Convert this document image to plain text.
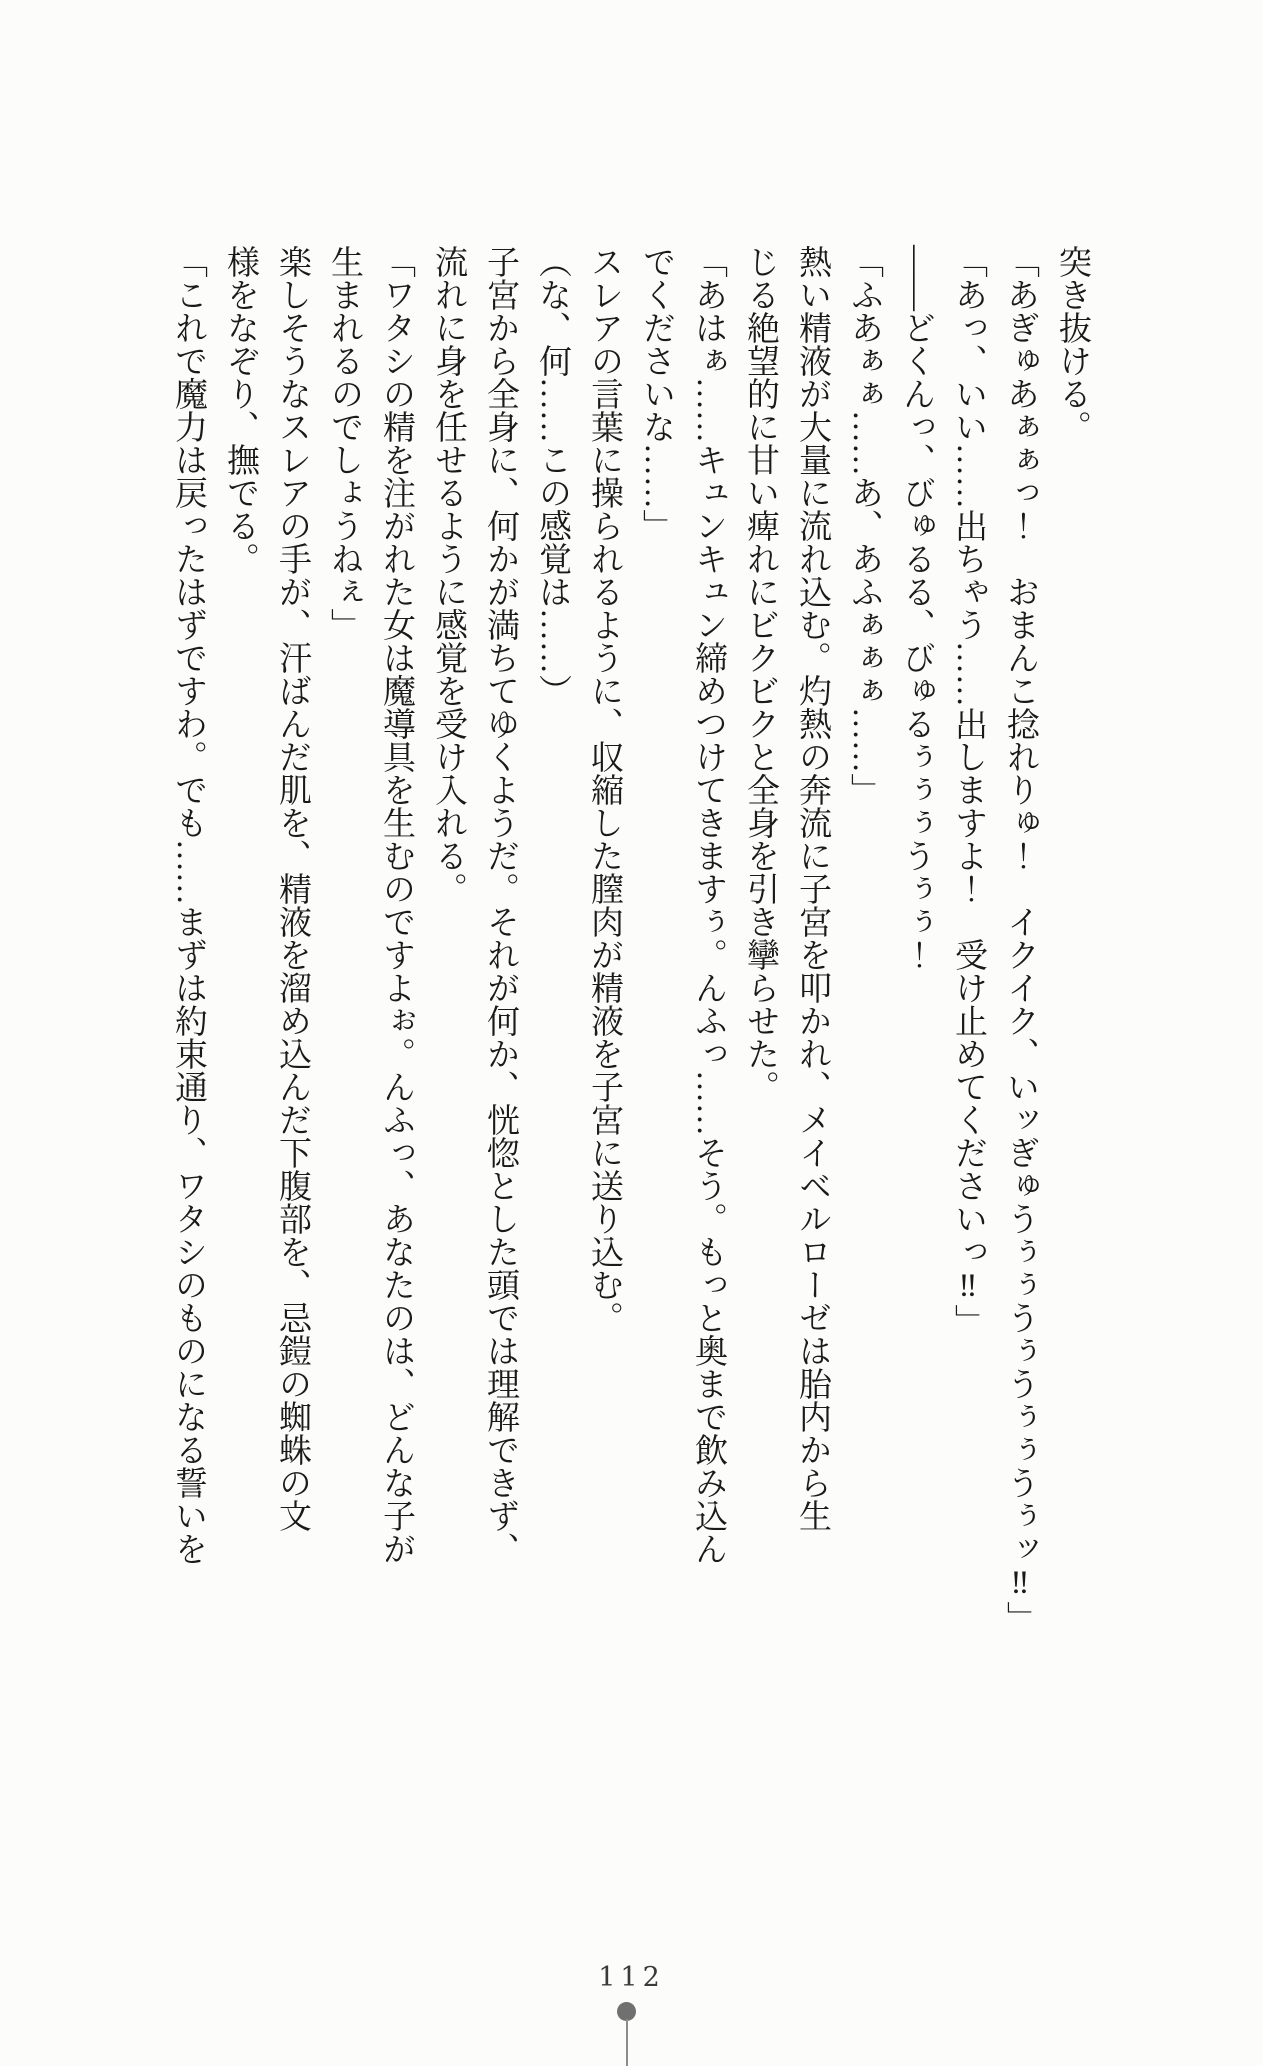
突き抜ける。

「あぎゅあぁぁっ！　おまんこ捻れりゅ！　イクイク、いッぎゅうぅぅうぅうぅぅうぅッ‼」

「あっ、いい……出ちゃう……出しますよ！　受け止めてくださいっ‼」

――どくんっ、びゅるる、びゅるぅぅぅうぅぅ！

「ふあぁぁ……あ、あふぁぁぁ……」

熱い精液が大量に流れ込む。灼熱の奔流に子宮を叩かれ、メイベルローゼは胎内から生

じる絶望的に甘い痺れにビクビクと全身を引き攣らせた。

「あはぁ……キュンキュン締めつけてきますぅ。んふっ……そう。もっと奥まで飲み込ん

でくださいな……」

スレアの言葉に操られるように、収縮した膣肉が精液を子宮に送り込む。

（な、何……この感覚は……）

子宮から全身に、何かが満ちてゆくようだ。それが何か、恍惚とした頭では理解できず、

流れに身を任せるように感覚を受け入れる。

「ワタシの精を注がれた女は魔導具を生むのですよぉ。んふっ、あなたのは、どんな子が

生まれるのでしょうねぇ」

楽しそうなスレアの手が、汗ばんだ肌を、精液を溜め込んだ下腹部を、忌鎧の蜘蛛の文

様をなぞり、撫でる。

「これで魔力は戻ったはずですわ。でも……まずは約束通り、ワタシのものになる誓いを

112
